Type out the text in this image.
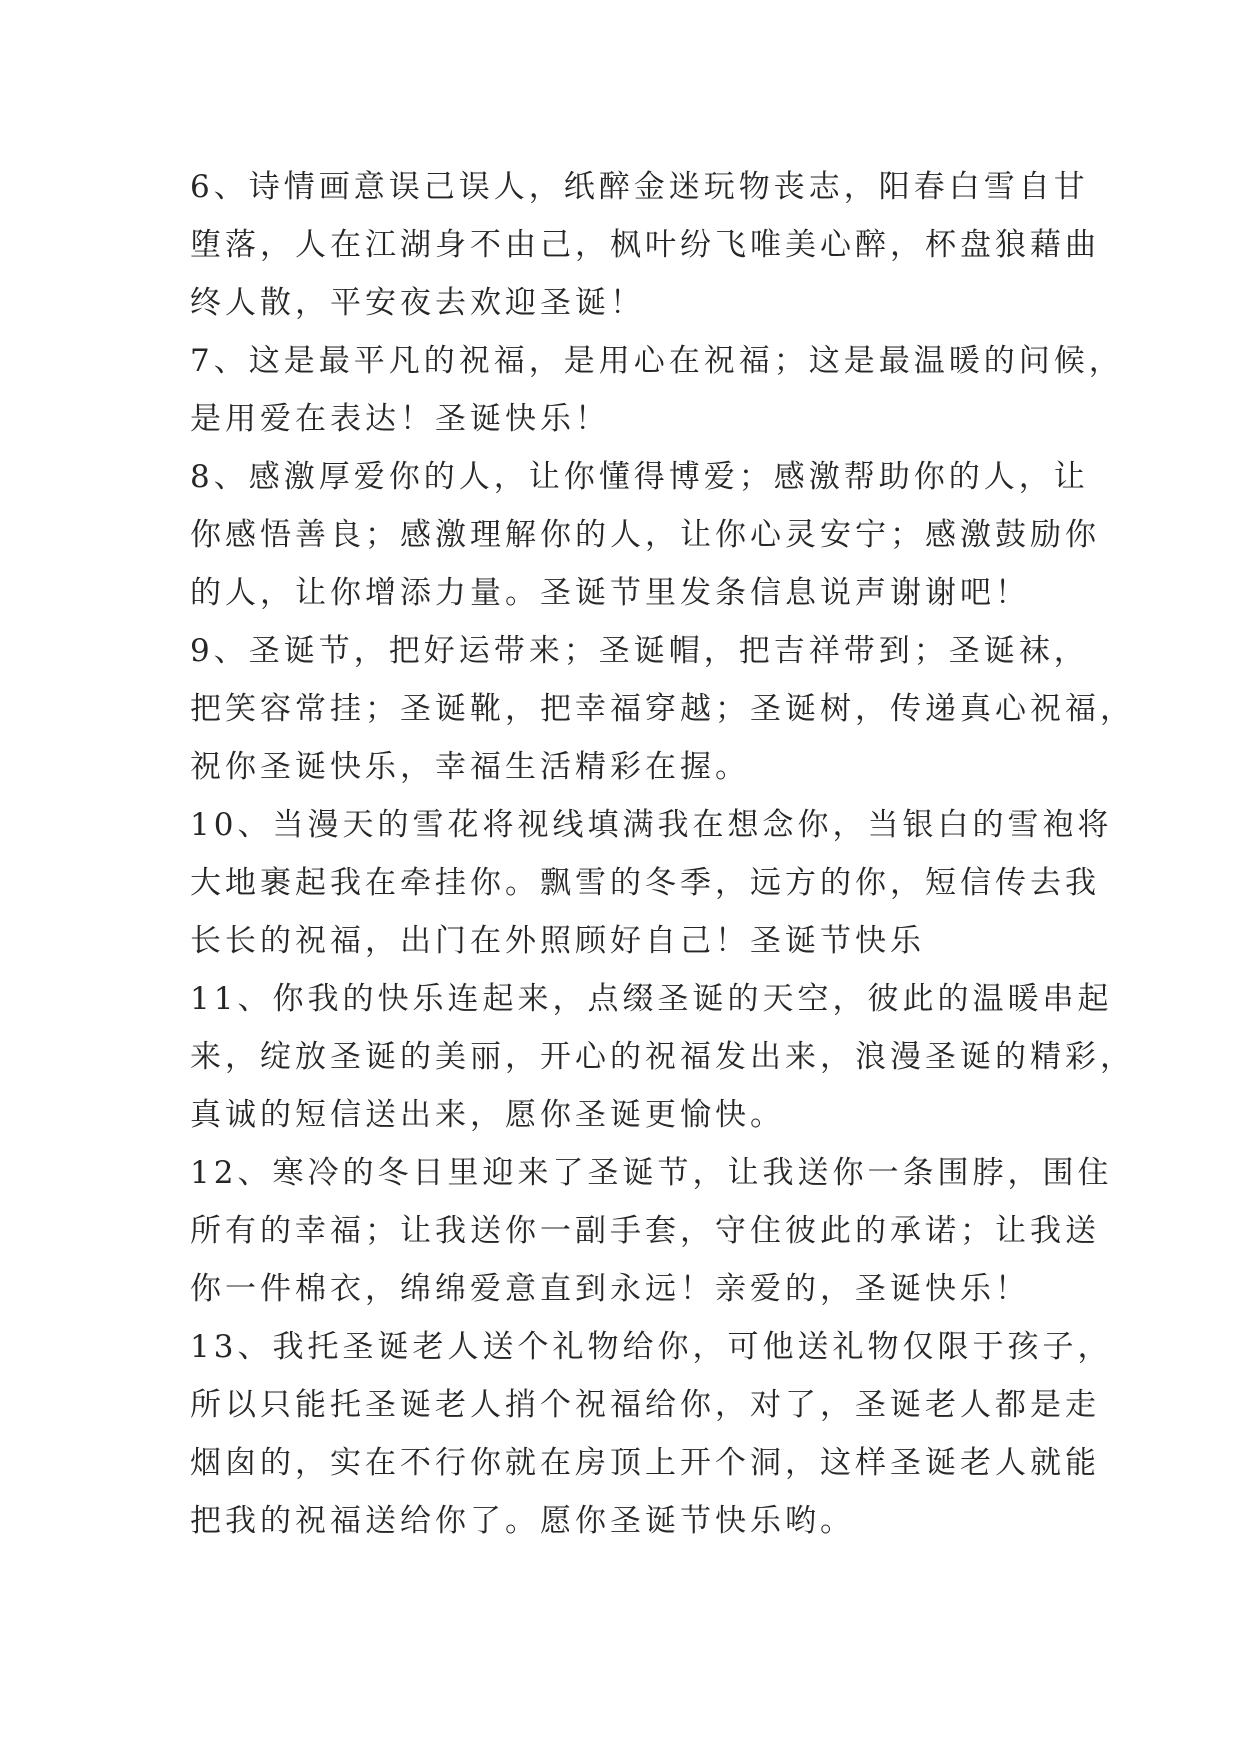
6、诗情画意误己误人，纸醉金迷玩物丧志，阳春白雪自甘
堕落，人在江湖身不由己，枫叶纷飞唯美心醉，杯盘狼藉曲
终人散，平安夜去欢迎圣诞！
7、这是最平凡的祝福，是用心在祝福；这是最温暖的问候，
是用爱在表达！圣诞快乐！
8、感激厚爱你的人，让你懂得博爱；感激帮助你的人，让
你感悟善良；感激理解你的人，让你心灵安宁；感激鼓励你
的人，让你增添力量。圣诞节里发条信息说声谢谢吧！
9、圣诞节，把好运带来；圣诞帽，把吉祥带到；圣诞袜，
把笑容常挂；圣诞靴，把幸福穿越；圣诞树，传递真心祝福，
祝你圣诞快乐，幸福生活精彩在握。
10、当漫天的雪花将视线填满我在想念你，当银白的雪袍将
大地裹起我在牵挂你。飘雪的冬季，远方的你，短信传去我
长长的祝福，出门在外照顾好自己！圣诞节快乐
11、你我的快乐连起来，点缀圣诞的天空，彼此的温暖串起
来，绽放圣诞的美丽，开心的祝福发出来，浪漫圣诞的精彩，
真诚的短信送出来，愿你圣诞更愉快。
12、寒冷的冬日里迎来了圣诞节，让我送你一条围脖，围住
所有的幸福；让我送你一副手套，守住彼此的承诺；让我送
你一件棉衣，绵绵爱意直到永远！亲爱的，圣诞快乐！
13、我托圣诞老人送个礼物给你，可他送礼物仅限于孩子，
所以只能托圣诞老人捎个祝福给你，对了，圣诞老人都是走
烟囱的，实在不行你就在房顶上开个洞，这样圣诞老人就能
把我的祝福送给你了。愿你圣诞节快乐哟。
